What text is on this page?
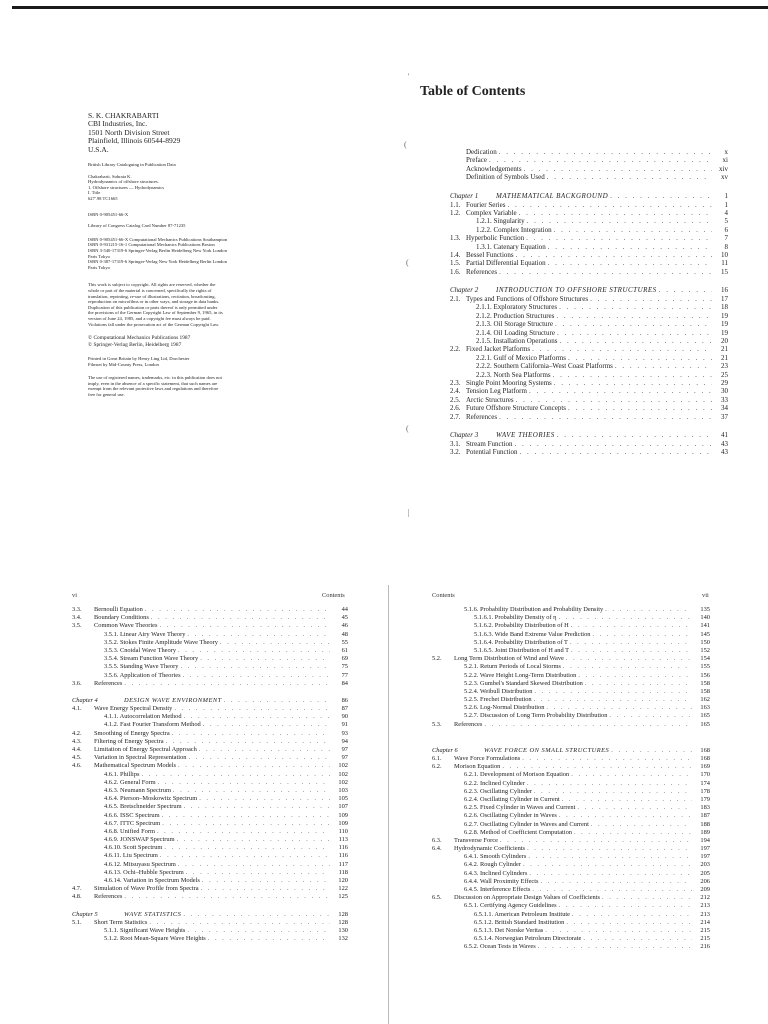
S. K. CHAKRABARTI
CBI Industries, Inc.
1501 North Division Street
Plainfield, Illinois 60544-8929
U.S.A.
British Library Cataloguing in Publication Data
Chakrabarti, Subrata K.
Hydrodynamics of offshore structures.
1. Offshore structures — Hydrodynamics
I. Title
627'.98 TC1665
ISBN 0-905451-66-X
Library of Congress Catalog Card Number 87-71235
ISBN 0-905451-66-X Computational Mechanics Publications Southampton
ISBN 0-931215-16-1 Computational Mechanics Publications Boston
ISBN 3-540-17319-6 Springer-Verlag Berlin Heidelberg New York London
Paris Tokyo
ISBN 0-387-17319-6 Springer-Verlag New York Heidelberg Berlin London
Paris Tokyo
This work is subject to copyright. All rights are reserved, whether the
whole or part of the material is concerned, specifically the rights of
translation, reprinting, re-use of illustrations, recitation, broadcasting,
reproduction on microfilms or in other ways, and storage in data banks.
Duplication of this publication or parts thereof is only permitted under
the provisions of the German Copyright Law of September 9, 1965, in its
version of June 24, 1985, and a copyright fee must always be paid.
Violations fall under the prosecution act of the German Copyright Law.
© Computational Mechanics Publications 1987
© Springer-Verlag Berlin, Heidelberg 1987
Printed in Great Britain by Henry Ling Ltd, Dorchester
Filmset by Mid-County Press, London
The use of registered names, trademarks, etc. in this publication does not
imply, even in the absence of a specific statement, that such names are
exempt from the relevant protective laws and regulations and therefore
free for general use.
Table of Contents
Dedication . . .	x
Preface . . .	xi
Acknowledgements . . .	xiv
Definition of Symbols Used . . .	xv
Chapter 1	MATHEMATICAL BACKGROUND . . .	1
1.1. Fourier Series . . .	1
1.2. Complex Variable . . .	4
1.2.1. Singularity . . .	5
1.2.2. Complex Integration . . .	6
1.3. Hyperbolic Function . . .	7
1.3.1. Catenary Equation . . .	8
1.4. Bessel Functions . . .	10
1.5. Partial Differential Equation . . .	11
1.6. References . . .	15
Chapter 2	INTRODUCTION TO OFFSHORE STRUCTURES . . .	16
2.1. Types and Functions of Offshore Structures . . .	17
2.1.1. Exploratory Structures . . .	18
2.1.2. Production Structures . . .	19
2.1.3. Oil Storage Structure . . .	19
2.1.4. Oil Loading Structure . . .	19
2.1.5. Installation Operations . . .	20
2.2. Fixed Jacket Platforms . . .	21
2.2.1. Gulf of Mexico Platforms . . .	21
2.2.2. Southern California–West Coast Platforms . . .	23
2.2.3. North Sea Platforms . . .	25
2.3. Single Point Mooring Systems . . .	29
2.4. Tension Leg Platform . . .	30
2.5. Arctic Structures . . .	33
2.6. Future Offshore Structure Concepts . . .	34
2.7. References . . .	37
Chapter 3	WAVE THEORIES . . .	41
3.1. Stream Function . . .	43
3.2. Potential Function . . .	43
vi	Contents	Contents	vii
3.3.	Bernoulli Equation . . .	44
3.4.	Boundary Conditions . . .	45
3.5.	Common Wave Theories . . .	46
3.5.1. Linear Airy Wave Theory . . .	48
3.5.2. Stokes Finite Amplitude Wave Theory . . .	55
3.5.3. Cnoidal Wave Theory . . .	61
3.5.4. Stream Function Wave Theory . . .	69
3.5.5. Standing Wave Theory . . .	75
3.5.6. Application of Theories . . .	77
3.6.	References . . .	84
Chapter 4	DESIGN WAVE ENVIRONMENT . . .	86
4.1.	Wave Energy Spectral Density . . .	87
4.1.1. Autocorrelation Method . . .	90
4.1.2. Fast Fourier Transform Method . . .	91
4.2.	Smoothing of Energy Spectra . . .	93
4.3.	Filtering of Energy Spectra . . .	94
4.4.	Limitation of Energy Spectral Approach . . .	97
4.5.	Variation in Spectral Representation . . .	97
4.6.	Mathematical Spectrum Models . . .	102
4.6.1. Phillips . . .	102
4.6.2. General Form . . .	102
4.6.3. Neumann Spectrum . . .	103
4.6.4. Pierson–Moskowitz Spectrum . . .	105
4.6.5. Bretschneider Spectrum . . .	107
4.6.6. ISSC Spectrum . . .	109
4.6.7. ITTC Spectrum . . .	109
4.6.8. Unified Form . . .	110
4.6.9. JONSWAP Spectrum . . .	113
4.6.10. Scott Spectrum . . .	116
4.6.11. Liu Spectrum . . .	116
4.6.12. Mitsuyasu Spectrum . . .	117
4.6.13. Ochi–Hubble Spectrum . . .	118
4.6.14. Variation in Spectrum Models . . .	120
4.7.	Simulation of Wave Profile from Spectra . . .	122
4.8.	References . . .	125
Chapter 5	WAVE STATISTICS . . .	128
5.1.	Short Term Statistics . . .	128
5.1.1. Significant Wave Heights . . .	130
5.1.2. Root Mean-Square Wave Heights . . .	132
5.1.6. Probability Distribution and Probability Density . . .	135
5.1.6.1. Probability Density of η . . .	140
5.1.6.2. Probability Distribution of H . . .	141
5.1.6.3. Wide Band Extreme Value Prediction . . .	145
5.1.6.4. Probability Distribution of T . . .	150
5.1.6.5. Joint Distribution of H and T . . .	152
5.2.	Long Term Distribution of Wind and Wave . . .	154
5.2.1. Return Periods of Local Storms . . .	155
5.2.2. Wave Height Long-Term Distribution . . .	156
5.2.3. Gumbel's Standard Skewed Distribution . . .	158
5.2.4. Weibull Distribution . . .	158
5.2.5. Frechet Distribution . . .	162
5.2.6. Log-Normal Distribution . . .	163
5.2.7. Discussion of Long Term Probability Distribution . . .	165
5.3.	References . . .	165
Chapter 6	WAVE FORCE ON SMALL STRUCTURES . . .	168
6.1.	Wave Force Formulations . . .	168
6.2.	Morison Equation . . .	169
6.2.1. Development of Morison Equation . . .	170
6.2.2. Inclined Cylinder . . .	174
6.2.3. Oscillating Cylinder . . .	178
6.2.4. Oscillating Cylinder in Current . . .	179
6.2.5. Fixed Cylinder in Waves and Current . . .	183
6.2.6. Oscillating Cylinder in Waves . . .	187
6.2.7. Oscillating Cylinder in Waves and Current . . .	188
6.2.8. Method of Coefficient Computation . . .	189
6.3.	Transverse Force . . .	194
6.4.	Hydrodynamic Coefficients . . .	197
6.4.1. Smooth Cylinders . . .	197
6.4.2. Rough Cylinder . . .	203
6.4.3. Inclined Cylinders . . .	205
6.4.4. Wall Proximity Effects . . .	206
6.4.5. Interference Effects . . .	209
6.5.	Discussion on Appropriate Design Values of Coefficients . . .	212
6.5.1. Certifying Agency Guidelines . . .	213
6.5.1.1. American Petroleum Institute . . .	213
6.5.1.2. British Standard Institution . . .	214
6.5.1.3. Det Norske Veritas . . .	215
6.5.1.4. Norwegian Petroleum Directorate . . .	215
6.5.2. Ocean Tests in Waves . . .	216
'
(
(
(
|
